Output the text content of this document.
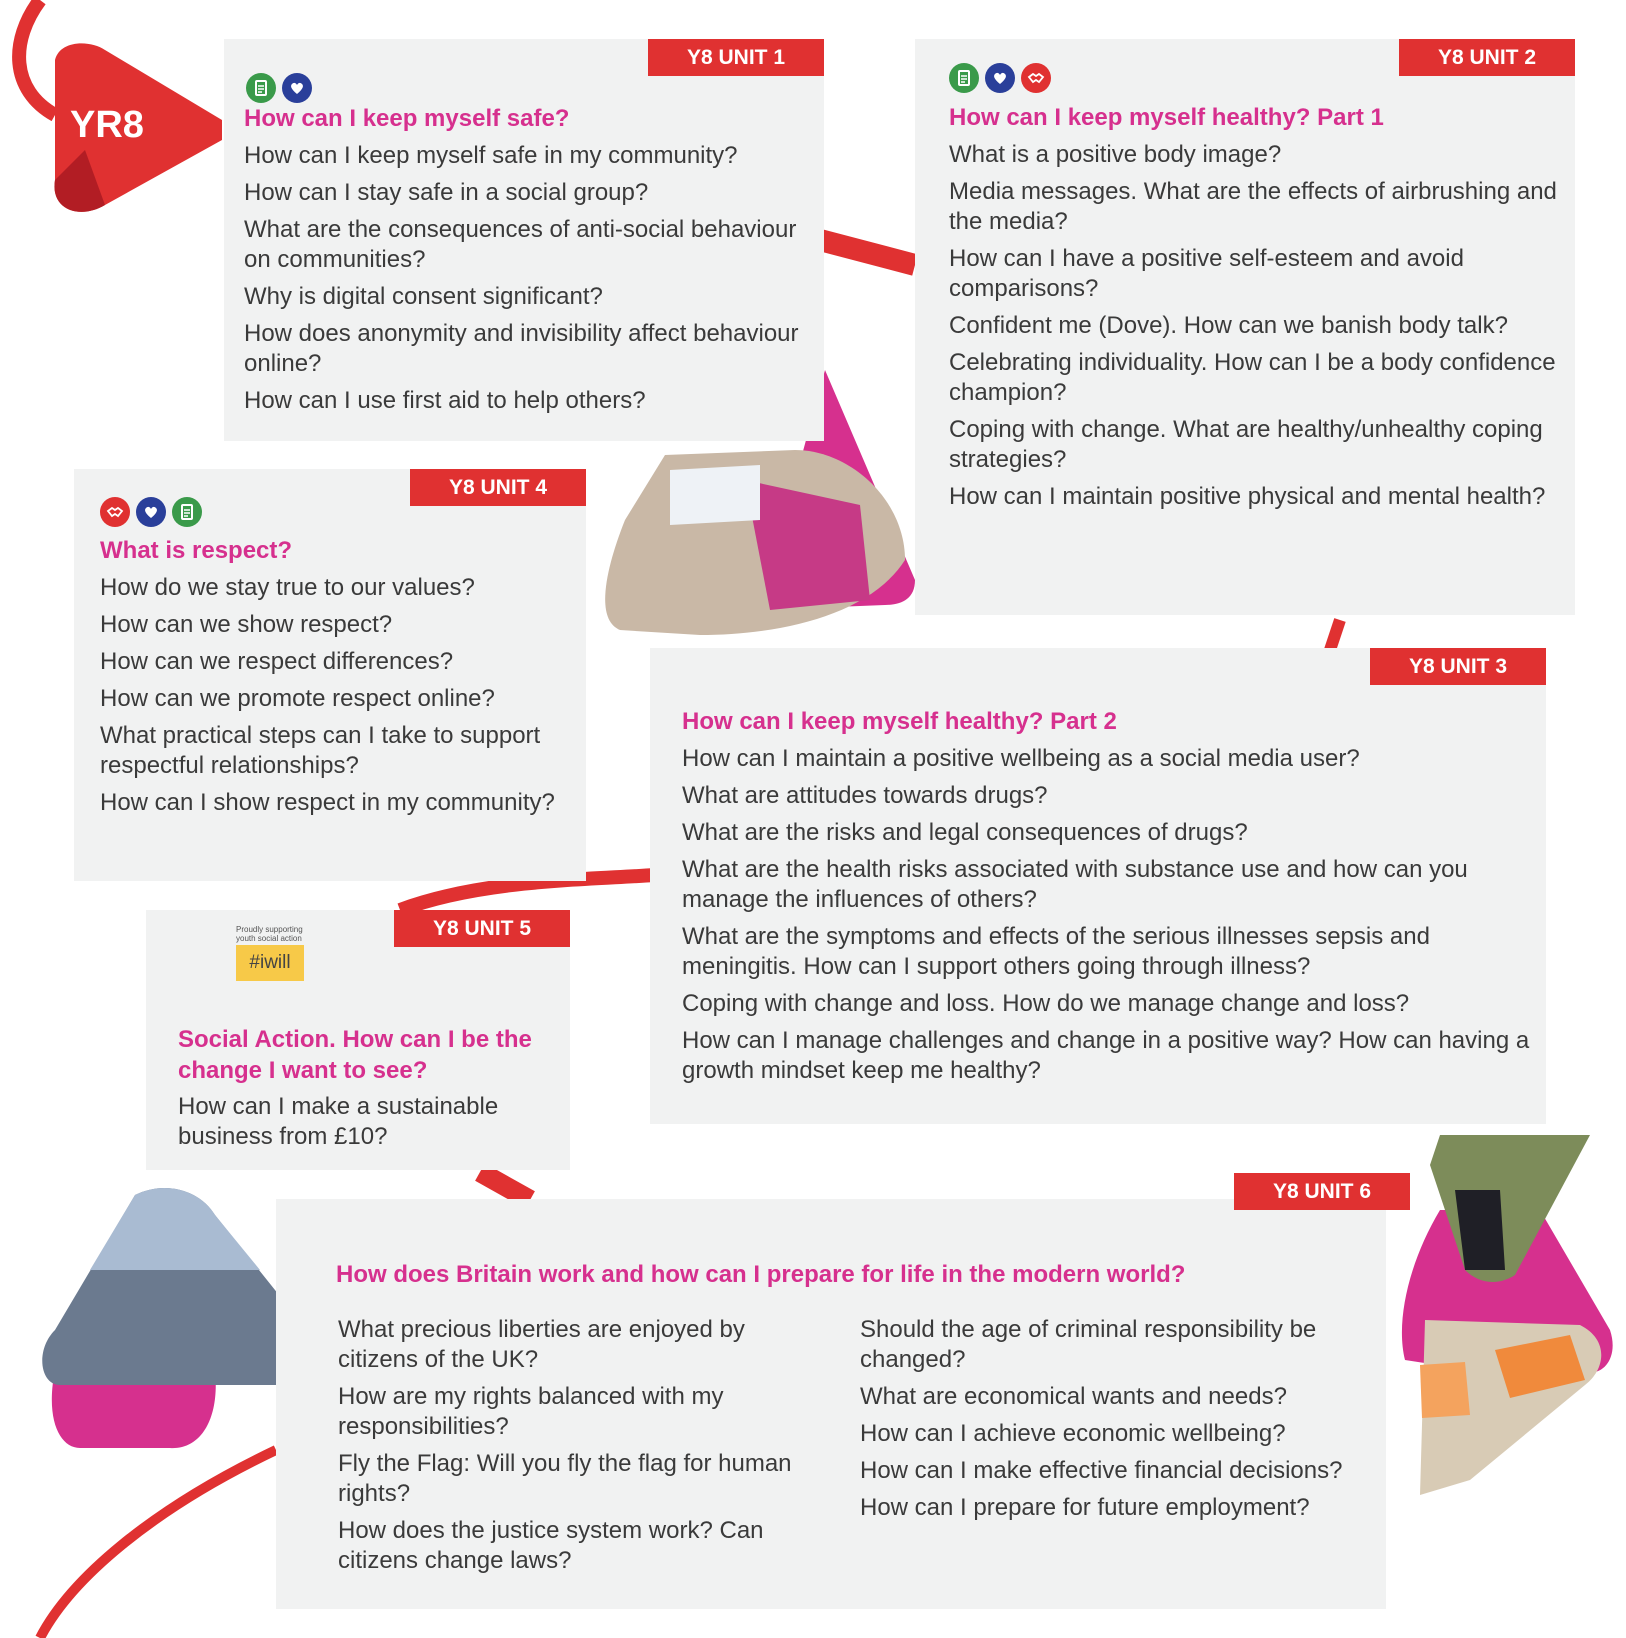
YR8
Y8 UNIT 1
How can I keep myself safe?
How can I keep myself safe in my community?
How can I stay safe in a social group?
What are the consequences of anti-social behaviour on communities?
Why is digital consent significant?
How does anonymity and invisibility affect behaviour online?
How can I use first aid to help others?
Y8 UNIT 2
How can I keep myself healthy? Part 1
What is a positive body image?
Media messages. What are the effects of airbrushing and the media?
How can I have a positive self-esteem and avoid comparisons?
Confident me (Dove). How can we banish body talk?
Celebrating individuality. How can I be a body confidence champion?
Coping with change. What are healthy/unhealthy coping strategies?
How can I maintain positive physical and mental health?
Y8 UNIT 4
What is respect?
How do we stay true to our values?
How can we show respect?
How can we respect differences?
How can we promote respect online?
What practical steps can I take to support respectful relationships?
How can I show respect in my community?
Y8 UNIT 3
How can I keep myself healthy? Part 2
How can I maintain a positive wellbeing as a social media user?
What are attitudes towards drugs?
What are the risks and legal consequences of drugs?
What are the health risks associated with substance use and how can you manage the influences of others?
What are the symptoms and effects of the serious illnesses sepsis and meningitis. How can I support others going through illness?
Coping with change and loss. How do we manage change and loss?
How can I manage challenges and change in a positive way? How can having a growth mindset keep me healthy?
Y8 UNIT 5
Social Action. How can I be the change I want to see?
How can I make a sustainable business from £10?
Proudly supporting youth social action
#iwill
Y8 UNIT 6
How does Britain work and how can I prepare for life in the modern world?
What precious liberties are enjoyed by citizens of the UK?
How are my rights balanced with my responsibilities?
Fly the Flag: Will you fly the flag for human rights?
How does the justice system work? Can citizens change laws?
Should the age of criminal responsibility be changed?
What are economical wants and needs?
How can I achieve economic wellbeing?
How can I make effective financial decisions?
How can I prepare for future employment?
